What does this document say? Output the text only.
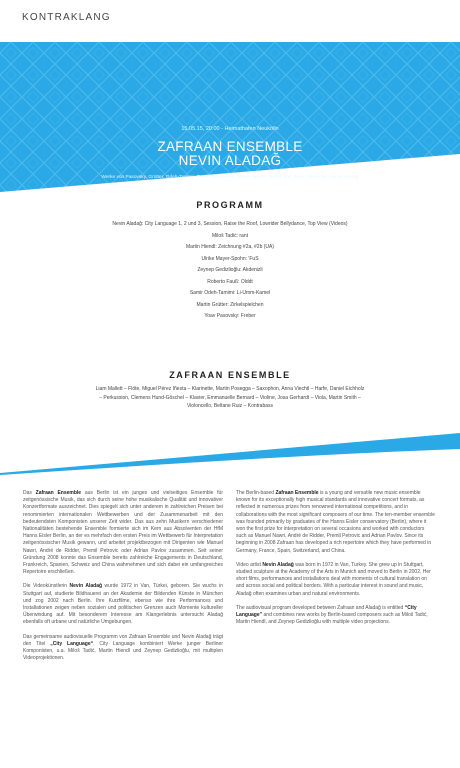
KONTRAKLANG
15.05.15, 20:00 - Heimathafen Neukölln
ZAFRAAN ENSEMBLE
NEVIN ALADAĞ
Werke von Pasovsky, Grütter, Odeh-Tamimi, Fauß, Gedizlioğlu, Mayer-Spohn, Hiendl und Tadić Videos von Nevin Aladağ
PROGRAMM
Nevin Aladağ: City Language 1, 2 und 3, Session, Raise the Roof, Lowrider Bellydance, Top View (Videos)
Miloš Tadić: rant
Martin Hiendl: Zeichnung #2a, #2b (UA)
Ulrike Mayer-Spohn: 'FuS
Zeynep Gedizlioğlu: Akdenizli
Roberto Fauß: Olddt
Samir Odeh-Tamimi: Li-Umm-Kamel
Martin Grütter: Zirkelspielchen
Yoav Pasovsky: Freber
ZAFRAAN ENSEMBLE
Liam Mallett – Flöte, Miguel Pérez Iñesta – Klarinette, Martin Posegga – Saxophon, Anna Viechtl – Harfe, Daniel Eichholz – Perkussion, Clemens Hund-Göschel – Klavier, Emmanuelle Bernard – Violine, Josa Gerhardt – Viola, Martin Smith – Violoncello, Beltane Ruiz – Kontrabass

Das Zafraan Ensemble aus Berlin ist ein junges und vielseitiges Ensemble für zeitgenössische Musik, das sich durch seine hohe musikalische Qualität und innovativer Konzertformate auszeichnet. Dies spiegelt sich unter anderem in zahlreichen Preisen bei renommierten internationalen Wettbewerben und der Zusammenarbeit mit den bedeutendsten Komponisten unserer Zeit wider. Das aus zehn Musikern verschiedener Nationalitäten bestehende Ensemble formierte sich im Kern aus Absolventen der HfM Hanns Eisler Berlin, an der es mehrfach den ersten Preis im Wettbewerb für Interpretation zeitgenössischer Musik gewann, und arbeitet projektbezogen mit Dirigenten wie Manuel Nawri, André de Ridder, Premil Petrovic oder Adrian Pavlov zusammen. Seit seiner Gründung 2008 konnte das Ensemble bereits zahlreiche Engagements in Deutschland, Frankreich, Spanien, Schweiz und China wahrnehmen und sich dabei ein umfangreiches Repertoire erschließen.

Die Videokünstlerin Nevin Aladağ wurde 1972 in Van, Türkei, geboren. Sie wuchs in Stuttgart auf, studierte Bildhauerei an der Akademie der Bildenden Künste in München und zog 2002 nach Berlin. Ihre Kurzfilme, ebenso wie ihre Performances und Installationen zeigen neben sozialen und politischen Grenzen auch Momente kultureller Überwindung auf. Mit besonderem Interesse am Klangerlebnis untersucht Aladağ ebenfalls oft urbane und natürliche Umgebungen.

Das gemeinsame audiovisuelle Programm von Zafraan Ensemble und Nevin Aladağ trägt den Titel „City Language“. City Language kombiniert Werke junger Berliner Komponisten, u.a. Miloš Tadić, Martin Hiendl und Zeynep Gedizlioğlu, mit multiplen Videoprojektionen.

The Berlin-based Zafraan Ensemble is a young and versatile new music ensemble known for its exceptionally high musical standards and innovative concert formats, as reflected in numerous prizes from renowned international competitions, and in collaborations with the most significant composers of our time. The ten-member ensemble was founded primarily by graduates of the Hanns Eisler conservatory (Berlin), where it won the first prize for interpretation on several occasions and worked with conductors such as Manuel Nawri, André de Ridder, Premil Petrovic and Adrian Pavlov. Since its beginning in 2008 Zafraan has developed a rich repertoire which they have performed in Germany, France, Spain, Switzerland, and China.

Video artist Nevin Aladağ was born in 1972 in Van, Turkey. She grew up in Stuttgart, studied sculpture at the Academy of the Arts in Munich and moved to Berlin in 2002. Her short films, performances and installations deal with moments of cultural translation on and across social and political borders. With a particular interest in sound and music, Aladağ often examines urban and natural environments.

The audiovisual program developed between Zafraan and Aladağ is entitled “City Language” and combines new works by Berlin-based composers such as Miloš Tadić, Martin Hiendl, and Zeynep Gedizlioğlu with multiple video projections.
